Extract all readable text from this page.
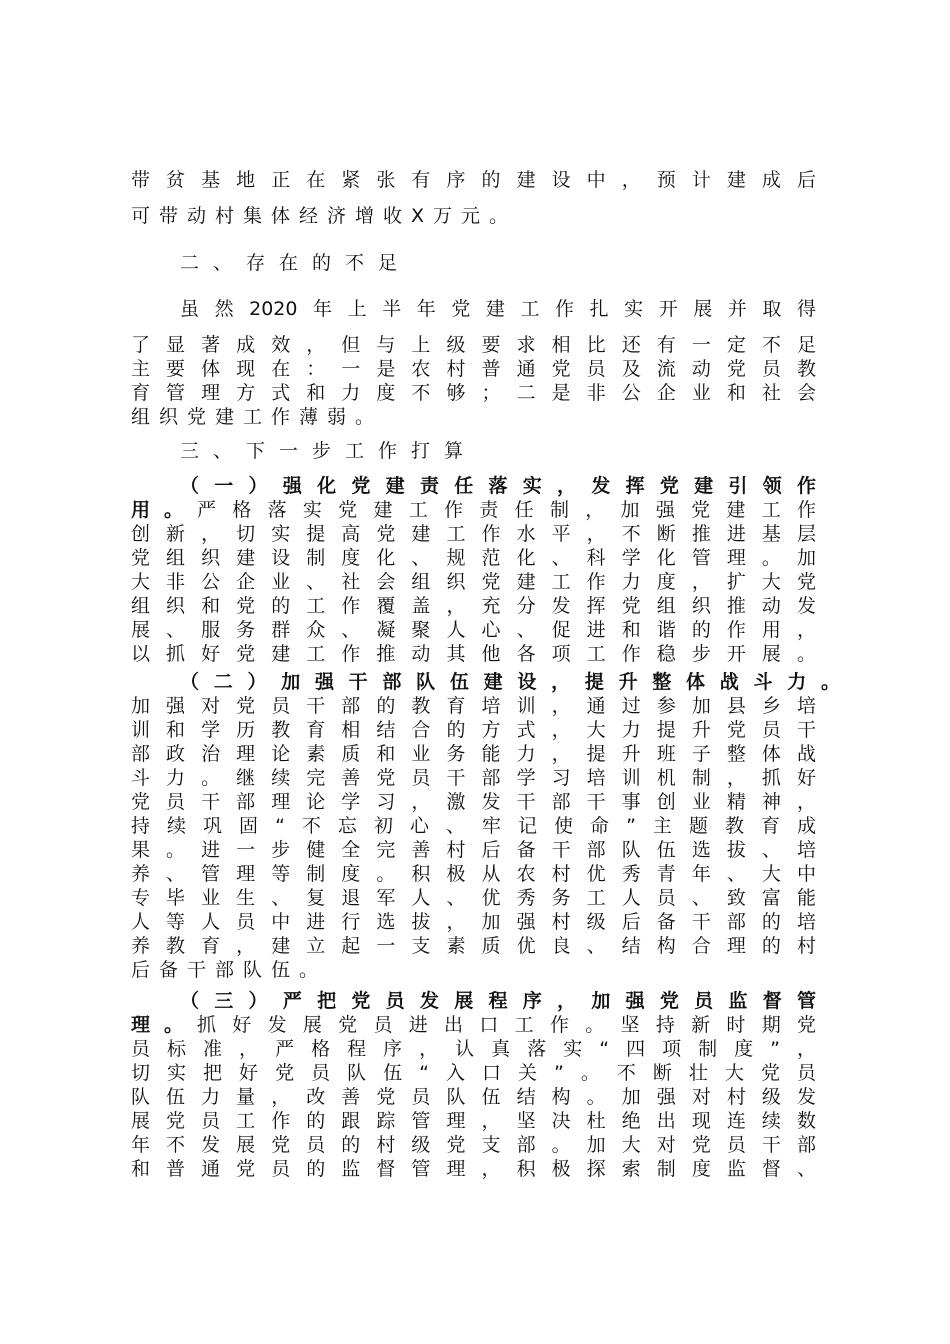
带贫基地正在紧张有序的建设中，预计建成后
可带动村集体经济增收X万元。
二、存在的不足
虽然2020年上半年党建工作扎实开展并取得
了显著成效，但与上级要求相比还有一定不足
主要体现在：一是农村普通党员及流动党员教
育管理方式和力度不够；二是非公企业和社会
组织党建工作薄弱。
三、下一步工作打算
（一）强化党建责任落实，发挥党建引领作
用。 严格落实党建工作责任制，加强党建工作
创新，切实提高党建工作水平，不断推进基层
党组织建设制度化、规范化、科学化管理。加
大非公企业、社会组织党建工作力度，扩大党
组织和党的工作覆盖，充分发挥党组织推动发
展、服务群众、凝聚人心、促进和谐的作用，
以抓好党建工作推动其他各项工作稳步开展。
（二）加强干部队伍建设，提升整体战斗力。
加强对党员干部的教育培训，通过参加县乡培
训和学历教育相结合的方式，大力提升党员干
部政治理论素质和业务能力，提升班子整体战
斗力。继续完善党员干部学习培训机制，抓好
党员干部理论学习，激发干部干事创业精神，
持续巩固“不忘初心、牢记使命”主题教育成
果。进一步健全完善村后备干部队伍选拔、培
养、管理等制度。积极从农村优秀青年、大中
专毕业生、复退军人、优秀务工人员、致富能
人等人员中进行选拔，加强村级后备干部的培
养教育，建立起一支素质优良、结构合理的村
后备干部队伍。
（三）严把党员发展程序，加强党员监督管
理。 抓好发展党员进出口工作。坚持新时期党
员标准，严格程序，认真落实“四项制度”，
切实把好党员队伍“入口关”。不断壮大党员
队伍力量，改善党员队伍结构。加强对村级发
展党员工作的跟踪管理，坚决杜绝出现连续数
年不发展党员的村级党支部。加大对党员干部
和普通党员的监督管理，积极探索制度监督、
